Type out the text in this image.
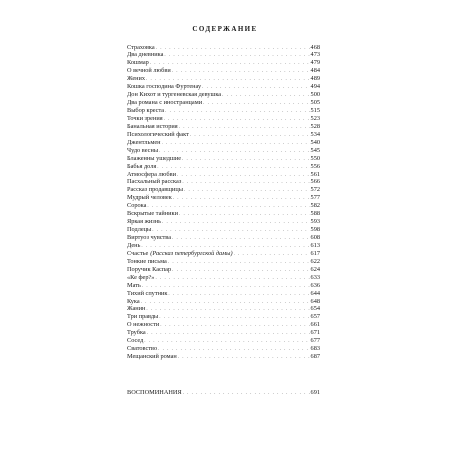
СОДЕРЖАНИЕ
Страховка . . .	468
Два дневника . . .	473
Кошмар . . .	479
О вечной любви . . .	484
Жених . . .	489
Кошка господина Фуртенау . . .	494
Дон Кихот и тургеневская девушка . . .	500
Два романа с иностранцами . . .	505
Выбор креста . . .	515
Точки зрения . . .	523
Банальная история . . .	528
Психологический факт . . .	534
Джентльмен . . .	540
Чудо весны . . .	545
Блаженны ушедшие . . .	550
Бабья доля . . .	556
Атмосфера любви . . .	561
Пасхальный рассказ . . .	566
Рассказ продавщицы . . .	572
Мудрый человек . . .	577
Сорока . . .	582
Вскрытые тайники . . .	588
Яркая жизнь . . .	593
Подлецы . . .	598
Виртуоз чувства . . .	608
День . . .	613
Счастье (Рассказ петербургской дамы) . . .	617
Тонкие письма . . .	622
Поручик Каспар . . .	624
«Ке фер?» . . .	633
Мать . . .	636
Тихий спутник . . .	644
Кука . . .	648
Жанин . . .	654
Три правды . . .	657
О нежности . . .	661
Трубка . . .	671
Сосед . . .	677
Сватовство . . .	683
Мещанский роман . . .	687
ВОСПОМИНАНИЯ . . .	691
